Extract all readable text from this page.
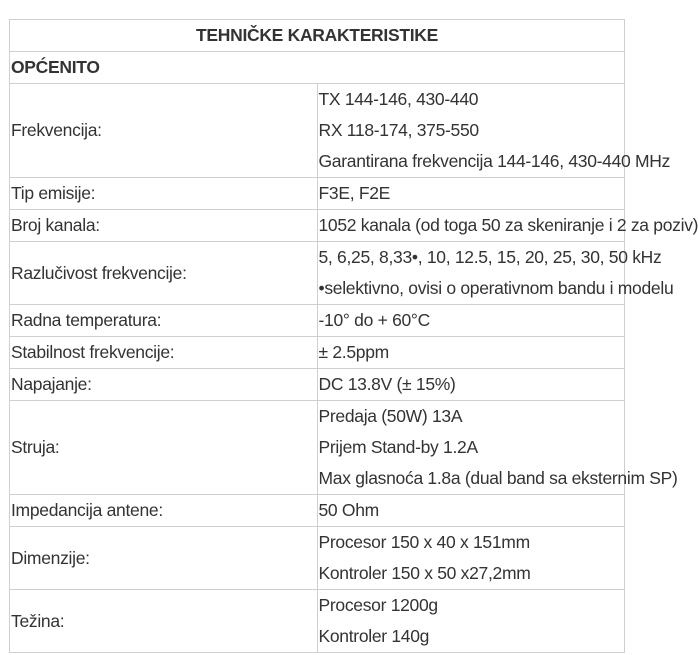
TEHNIČKE KARAKTERISTIKE	
OPĆENITO	
Frekvencija:	TX 144-146, 430-440
RX 118-174, 375-550
Garantirana frekvencija 144-146, 430-440 MHz

Tip emisije:	F3E, F2E

Broj kanala:	1052 kanala (od toga 50 za skeniranje i 2 za poziv)

Razlučivost frekvencije:	5, 6,25, 8,33•, 10, 12.5, 15, 20, 25, 30, 50 kHz
•selektivno, ovisi o operativnom bandu i modelu

Radna temperatura:	-10° do + 60°C

Stabilnost frekvencije:	± 2.5ppm

Napajanje:	DC 13.8V (± 15%)

Struja:	Predaja (50W) 13A
Prijem Stand-by 1.2A
Max glasnoća 1.8a (dual band sa eksternim SP)

Impedancija antene:	50 Ohm

Dimenzije:	Procesor 150 x 40 x 151mm
Kontroler 150 x 50 x27,2mm

Težina:	Procesor 1200g
Kontroler 140g
